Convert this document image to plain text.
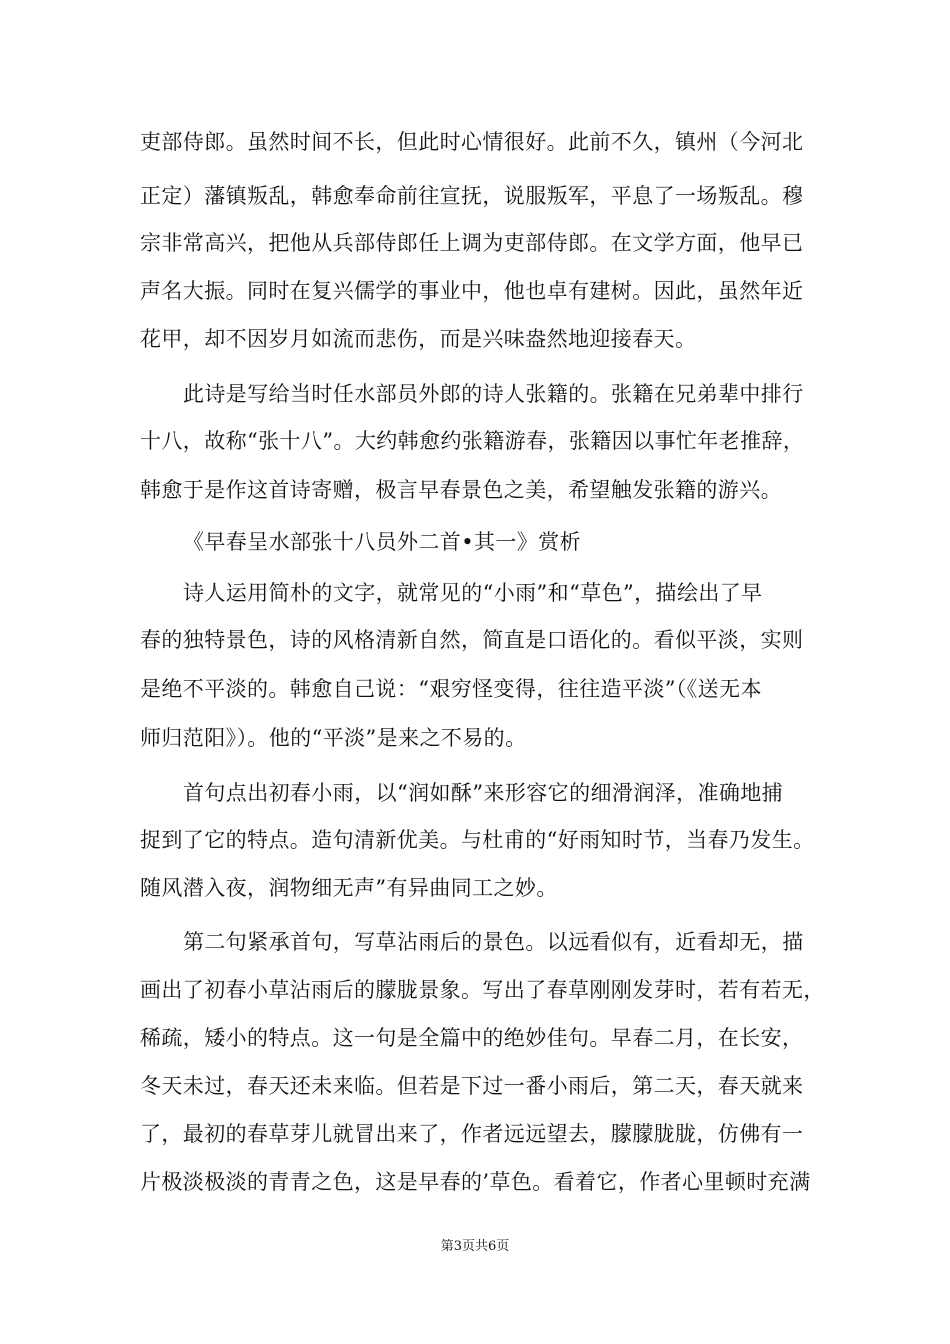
吏部侍郎。虽然时间不长，但此时心情很好。此前不久，镇州（今河北
正定）藩镇叛乱，韩愈奉命前往宣抚，说服叛军，平息了一场叛乱。穆
宗非常高兴，把他从兵部侍郎任上调为吏部侍郎。在文学方面，他早已
声名大振。同时在复兴儒学的事业中，他也卓有建树。因此，虽然年近
花甲，却不因岁月如流而悲伤，而是兴味盎然地迎接春天。
此诗是写给当时任水部员外郎的诗人张籍的。张籍在兄弟辈中排行
十八，故称“张十八”。大约韩愈约张籍游春，张籍因以事忙年老推辞，
韩愈于是作这首诗寄赠，极言早春景色之美，希望触发张籍的游兴。
《早春呈水部张十八员外二首•其一》赏析
诗人运用简朴的文字，就常见的“小雨”和“草色”，描绘出了早
春的独特景色，诗的风格清新自然，简直是口语化的。看似平淡，实则
是绝不平淡的。韩愈自己说：“艰穷怪变得，往往造平淡”（《送无本
师归范阳》）。他的“平淡”是来之不易的。
首句点出初春小雨，以“润如酥”来形容它的细滑润泽，准确地捕
捉到了它的特点。造句清新优美。与杜甫的“好雨知时节，当春乃发生。
随风潜入夜，润物细无声”有异曲同工之妙。
第二句紧承首句，写草沾雨后的景色。以远看似有，近看却无，描
画出了初春小草沾雨后的朦胧景象。写出了春草刚刚发芽时，若有若无，
稀疏，矮小的特点。这一句是全篇中的绝妙佳句。早春二月，在长安，
冬天未过，春天还未来临。但若是下过一番小雨后，第二天，春天就来
了，最初的春草芽儿就冒出来了，作者远远望去，朦朦胧胧，仿佛有一
片极淡极淡的青青之色，这是早春的’草色。看着它，作者心里顿时充满
第3页共6页
